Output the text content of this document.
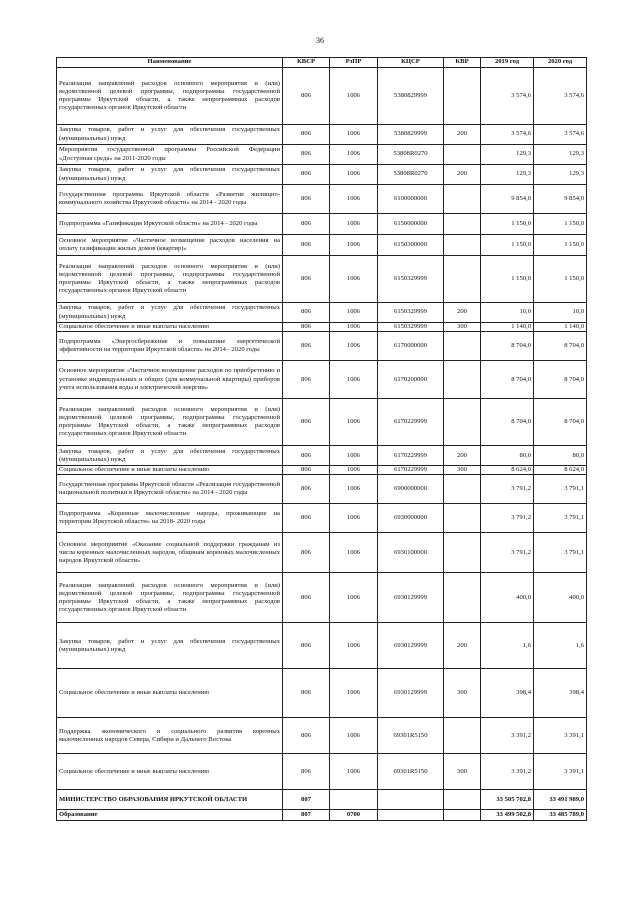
36
Наименование	КВСР	РзПР	КЦСР	КВР	2019 год	2020 год
Реализация направлений расходов основного мероприятия и (или) ведомственной целевой программы, подпрограммы государственной программы Иркутской области, а также непрограммных расходов государственных органов Иркутской области	806	1006	5380829999		3 574,6	3 574,6
Закупка товаров, работ и услуг для обеспечения государственных (муниципальных) нужд	806	1006	5380829999	200	3 574,6	3 574,6
Мероприятия государственной программы Российской Федерации «Доступная среда» на 2011-2020 годы	806	1006	53808R0270		129,3	129,3
Закупка товаров, работ и услуг для обеспечения государственных (муниципальных) нужд	806	1006	53808R0270	200	129,3	129,3
Государственная программа Иркутской области «Развитие жилищно-коммунального хозяйства Иркутской области» на 2014 - 2020 годы	806	1006	6100000000		9 854,0	9 854,0
Подпрограмма «Газификация Иркутской области» на 2014 - 2020 годы	806	1006	6150000000		1 150,0	1 150,0
Основное мероприятие «Частичное возмещение расходов населения на оплату газификации жилых домов (квартир)»	806	1006	6150300000		1 150,0	1 150,0
Реализация направлений расходов основного мероприятия и (или) ведомственной целевой программы, подпрограммы государственной программы Иркутской области, а также непрограммных расходов государственных органов Иркутской области	806	1006	6150329999		1 150,0	1 150,0
Закупка товаров, работ и услуг для обеспечения государственных (муниципальных) нужд	806	1006	6150329999	200	10,0	10,0
Социальное обеспечение и иные выплаты населению	806	1006	6150329999	300	1 140,0	1 140,0
Подпрограмма «Энергосбережение и повышение энергетической эффективности на территории Иркутской области» на 2014 - 2020 годы	806	1006	6170000000		8 704,0	8 704,0
Основное мероприятие «Частичное возмещение расходов по приобретению и установке индивидуальных и общих (для коммунальной квартиры) приборов учета использования воды и электрической энергии»	806	1006	6170200000		8 704,0	8 704,0
Реализация направлений расходов основного мероприятия и (или) ведомственной целевой программы, подпрограммы государственной программы Иркутской области, а также непрограммных расходов государственных органов Иркутской области	806	1006	6170229999		8 704,0	8 704,0
Закупка товаров, работ и услуг для обеспечения государственных (муниципальных) нужд	806	1006	6170229999	200	80,0	80,0
Социальное обеспечение и иные выплаты населению	806	1006	6170229999	300	8 624,0	8 624,0
Государственная программа Иркутской области «Реализация государственной национальной политики в Иркутской области» на 2014 - 2020 годы	806	1006	6900000000		3 791,2	3 791,1
Подпрограмма «Коренные малочисленные народы, проживающие на территории Иркутской области» на 2018- 2020 годы	806	1006	6930000000		3 791,2	3 791,1
Основное мероприятие «Оказание социальной поддержки гражданам из числа коренных малочисленных народов, общинам коренных малочисленных народов Иркутской области»	806	1006	6930100000		3 791,2	3 791,1
Реализация направлений расходов основного мероприятия и (или) ведомственной целевой программы, подпрограммы государственной программы Иркутской области, а также непрограммных расходов государственных органов Иркутской области	806	1006	6930129999		400,0	400,0
Закупка товаров, работ и услуг для обеспечения государственных (муниципальных) нужд	806	1006	6930129999	200	1,6	1,6
Социальное обеспечение и иные выплаты населению	806	1006	6930129999	300	398,4	398,4
Поддержка экономического и социального развития коренных малочисленных народов Севера, Сибири и Дальнего Востока	806	1006	69301R5150		3 391,2	3 391,1
Социальное обеспечение и иные выплаты населению	806	1006	69301R5150	300	3 391,2	3 391,1
МИНИСТЕРСТВО ОБРАЗОВАНИЯ ИРКУТСКОЙ ОБЛАСТИ	807				33 505 702,8	33 491 989,0
Образование	807	0700			33 499 502,8	33 485 789,0
